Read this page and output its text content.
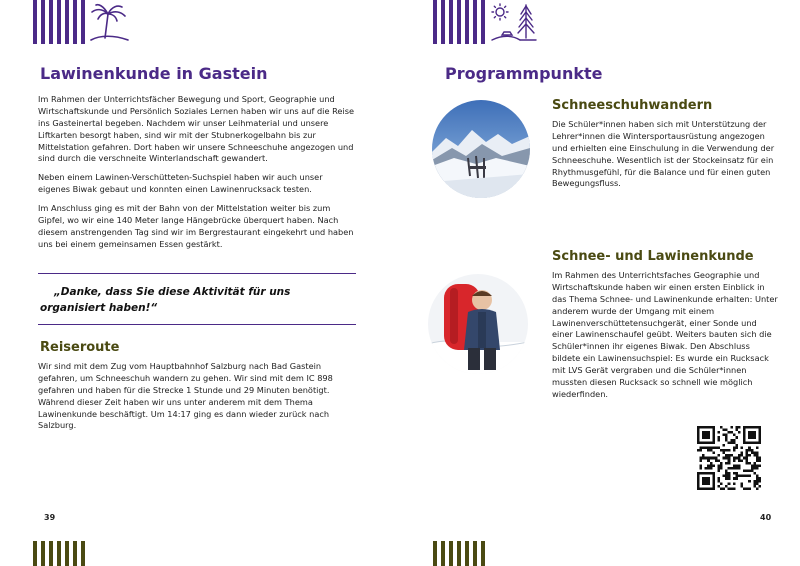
Lawinenkunde in Gastein

Im Rahmen der Unterrichtsfächer Bewegung und Sport, Geographie und Wirtschaftskunde und Persönlich Soziales Lernen haben wir uns auf die Reise ins Gasteinertal begeben. Nachdem wir unser Leihmaterial und unsere Liftkarten besorgt haben, sind wir mit der Stubnerkogelbahn bis zur Mittelstation gefahren. Dort haben wir unsere Schneeschuhe angezogen und sind durch die verschneite Winterlandschaft gewandert.

Neben einem Lawinen-Verschütteten-Suchspiel haben wir auch unser eigenes Biwak gebaut und konnten einen Lawinenrucksack testen.

Im Anschluss ging es mit der Bahn von der Mittelstation weiter bis zum Gipfel, wo wir eine 140 Meter lange Hängebrücke überquert haben. Nach diesem anstrengenden Tag sind wir im Bergrestaurant eingekehrt und haben uns bei einem gemeinsamen Essen gestärkt.

„Danke, dass Sie diese Aktivität für uns organisiert haben!“
Reiseroute
Wir sind mit dem Zug vom Hauptbahnhof Salzburg nach Bad Gastein gefahren, um Schneeschuh wandern zu gehen. Wir sind mit dem IC 898 gefahren und haben für die Strecke 1 Stunde und 29 Minuten benötigt. Während dieser Zeit haben wir uns unter anderem mit dem Thema Lawinenkunde beschäftigt. Um 14:17 ging es dann wieder zurück nach Salzburg.
39
Programmpunkte
Schneeschuhwandern
Die Schüler*innen haben sich mit Unterstützung der Lehrer*innen die Wintersportausrüstung angezogen und erhielten eine Einschulung in die Verwendung der Schneeschuhe. Wesentlich ist der Stockeinsatz für ein Rhythmusgefühl, für die Balance und für einen guten Bewegungsfluss.
Schnee- und Lawinenkunde
Im Rahmen des Unterrichtsfaches Geographie und Wirtschaftskunde haben wir einen ersten Einblick in das Thema Schnee- und Lawinenkunde erhalten: Unter anderem wurde der Umgang mit einem Lawinenverschüttetensuchgerät, einer Sonde und einer Lawinenschaufel geübt. Weiters bauten sich die Schüler*innen ihr eigenes Biwak. Den Abschluss bildete ein Lawinensuchspiel: Es wurde ein Rucksack mit LVS Gerät vergraben und die Schüler*innen mussten diesen Rucksack so schnell wie möglich wiederfinden.
40
